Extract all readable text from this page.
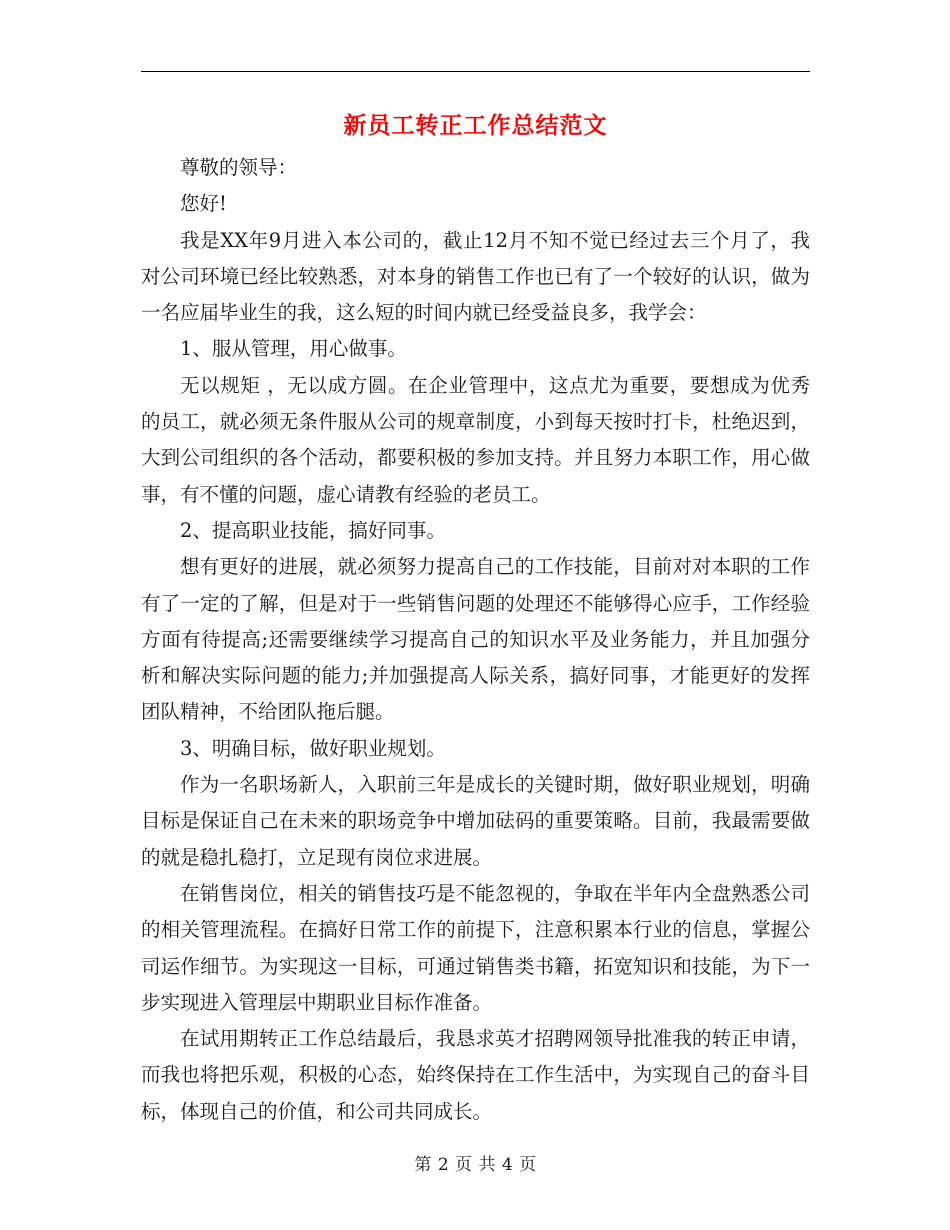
新员工转正工作总结范文

尊敬的领导：

您好!

我是XX年9月进入本公司的，截止12月不知不觉已经过去三个月了，我对公司环境已经比较熟悉，对本身的销售工作也已有了一个较好的认识，做为一名应届毕业生的我，这么短的时间内就已经受益良多，我学会：

1、服从管理，用心做事。

无以规矩 ，无以成方圆。在企业管理中，这点尤为重要，要想成为优秀的员工，就必须无条件服从公司的规章制度，小到每天按时打卡，杜绝迟到，大到公司组织的各个活动，都要积极的参加支持。并且努力本职工作，用心做事，有不懂的问题，虚心请教有经验的老员工。

2、提高职业技能，搞好同事。

想有更好的进展，就必须努力提高自己的工作技能，目前对对本职的工作有了一定的了解，但是对于一些销售问题的处理还不能够得心应手，工作经验方面有待提高;还需要继续学习提高自己的知识水平及业务能力，并且加强分析和解决实际问题的能力;并加强提高人际关系，搞好同事，才能更好的发挥团队精神，不给团队拖后腿。

3、明确目标，做好职业规划。

作为一名职场新人，入职前三年是成长的关键时期，做好职业规划，明确目标是保证自己在未来的职场竞争中增加砝码的重要策略。目前，我最需要做的就是稳扎稳打，立足现有岗位求进展。

在销售岗位，相关的销售技巧是不能忽视的，争取在半年内全盘熟悉公司的相关管理流程。在搞好日常工作的前提下，注意积累本行业的信息，掌握公司运作细节。为实现这一目标，可通过销售类书籍，拓宽知识和技能，为下一步实现进入管理层中期职业目标作准备。

在试用期转正工作总结最后，我恳求英才招聘网领导批准我的转正申请，而我也将把乐观，积极的心态，始终保持在工作生活中，为实现自己的奋斗目标，体现自己的价值，和公司共同成长。

第 2 页 共 4 页
